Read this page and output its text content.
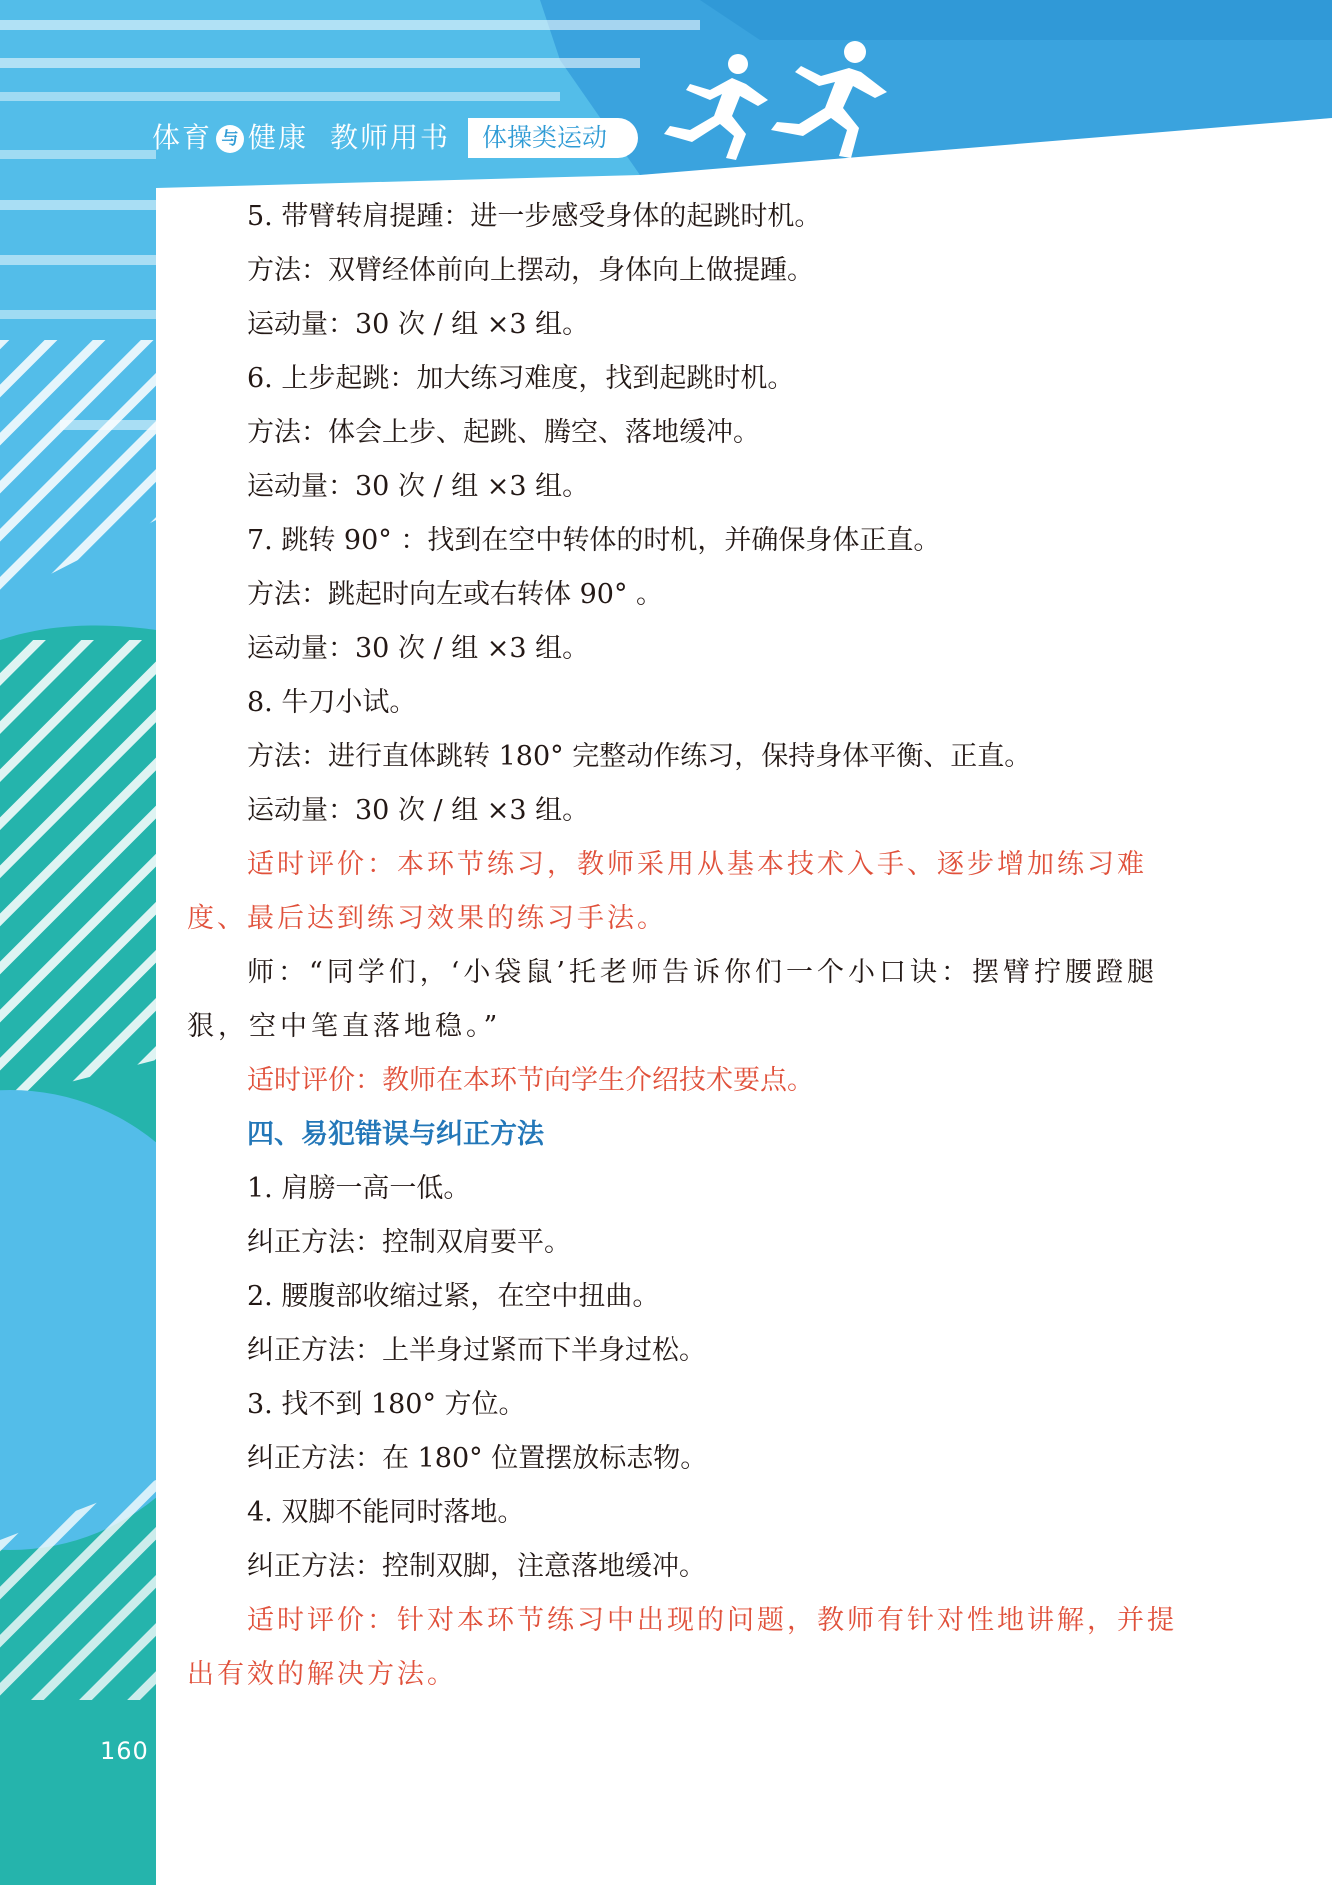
体育 与 健康 教师用书	体操类运动
5. 带臂转肩提踵：进一步感受身体的起跳时机。
方法：双臂经体前向上摆动，身体向上做提踵。
运动量：30 次 / 组 ×3 组。
6. 上步起跳：加大练习难度，找到起跳时机。
方法：体会上步、起跳、腾空、落地缓冲。
运动量：30 次 / 组 ×3 组。
7. 跳转 90° ：找到在空中转体的时机，并确保身体正直。
方法：跳起时向左或右转体 90° 。
运动量：30 次 / 组 ×3 组。
8. 牛刀小试。
方法：进行直体跳转 180° 完整动作练习，保持身体平衡、正直。
运动量：30 次 / 组 ×3 组。
适时评价：本环节练习，教师采用从基本技术入手、逐步增加练习难度、最后达到练习效果的练习手法。
师：“同学们，‘小袋鼠’托老师告诉你们一个小口诀：摆臂拧腰蹬腿狠，空中笔直落地稳。”
适时评价：教师在本环节向学生介绍技术要点。
四、易犯错误与纠正方法
1. 肩膀一高一低。
纠正方法：控制双肩要平。
2. 腰腹部收缩过紧，在空中扭曲。
纠正方法：上半身过紧而下半身过松。
3. 找不到 180° 方位。
纠正方法：在 180° 位置摆放标志物。
4. 双脚不能同时落地。
纠正方法：控制双脚，注意落地缓冲。
适时评价：针对本环节练习中出现的问题，教师有针对性地讲解，并提出有效的解决方法。
160
